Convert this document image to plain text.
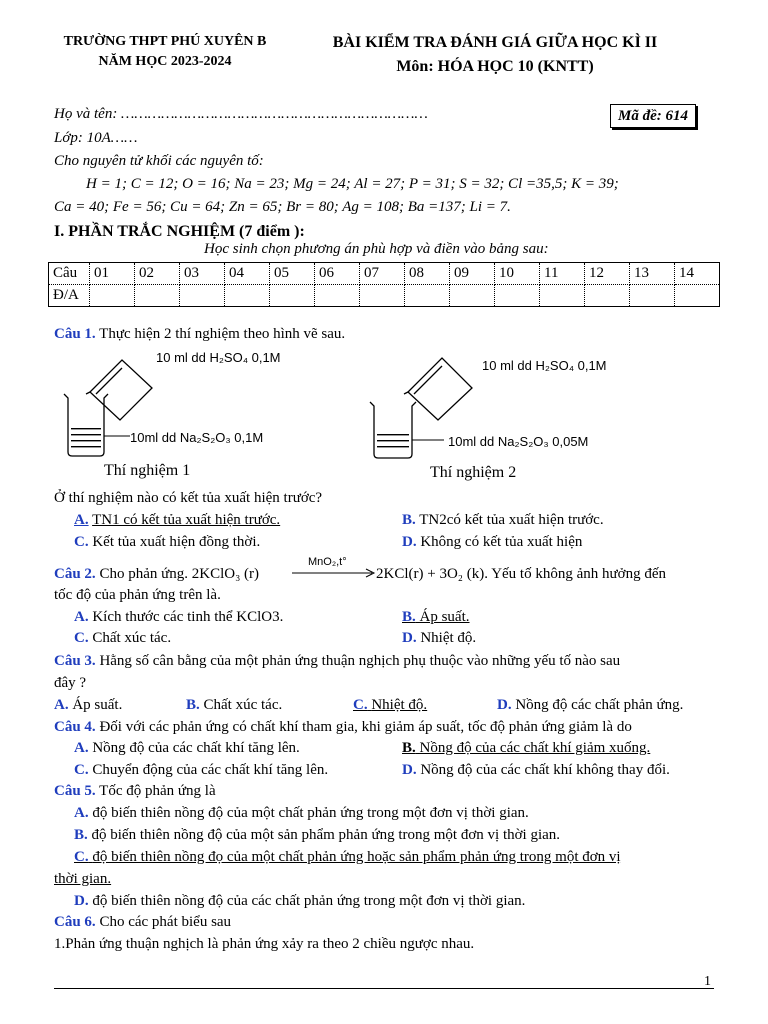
TRƯỜNG THPT PHÚ XUYÊN B
NĂM HỌC 2023-2024
BÀI KIỂM TRA ĐÁNH GIÁ GIỮA HỌC KÌ II
Môn: HÓA HỌC 10 (KNTT)
Họ và tên: ……………………………………………………………	Mã đề: 614
Lớp: 10A……
Cho nguyên tử khối các nguyên tố:
H = 1; C = 12; O = 16; Na = 23; Mg = 24; Al = 27; P = 31; S = 32; Cl =35,5; K = 39;
Ca = 40; Fe = 56; Cu = 64; Zn = 65; Br = 80; Ag = 108; Ba =137; Li = 7.
I. PHẦN TRẮC NGHIỆM (7 điểm ):
Học sinh chọn phương án phù hợp và điền vào bảng sau:
Câu	01	02	03	04	05	06	07	08	09	10	11	12	13	14
Đ/A														
Câu 1. Thực hiện 2 thí nghiệm theo hình vẽ sau.
10 ml dd H₂SO₄ 0,1M
10ml dd Na₂S₂O₃ 0,1M
Thí nghiệm 1
10 ml dd H₂SO₄ 0,1M
10ml dd Na₂S₂O₃ 0,05M
Thí nghiệm 2
Ở thí nghiệm nào có kết tủa xuất hiện trước?
A. TN1 có kết tủa xuất hiện trước.	B. TN2có kết tủa xuất hiện trước.
C. Kết tủa xuất hiện đồng thời.	D. Không có kết tủa xuất hiện
Câu 2. Cho phản ứng. 2KClO₃ (r)
MnO₂,t°
2KCl(r) + 3O₂ (k). Yếu tố không ảnh hưởng đến
tốc độ của phản ứng trên là.
A. Kích thước các tinh thể KClO3.	B. Áp suất.
C. Chất xúc tác.	D. Nhiệt độ.
Câu 3. Hằng số cân bằng của một phản ứng thuận nghịch phụ thuộc vào những yếu tố nào sau
đây ?
A. Áp suất.	B. Chất xúc tác.	C. Nhiệt độ.	D. Nồng độ các chất phản ứng.
Câu 4. Đối với các phản ứng có chất khí tham gia, khi giảm áp suất, tốc độ phản ứng giảm là do
A. Nồng độ của các chất khí tăng lên.	B. Nồng độ của các chất khí giảm xuống.
C. Chuyển động của các chất khí tăng lên.	D. Nồng độ của các chất khí không thay đổi.
Câu 5. Tốc độ phản ứng là
A. độ biến thiên nồng độ của một chất phản ứng trong một đơn vị thời gian.
B. độ biến thiên nồng độ của một sản phẩm phản ứng trong một đơn vị thời gian.
C. độ biến thiên nồng đọ của một chất phản ứng hoặc sản phẩm phản ứng trong một đơn vị
thời gian.
D. độ biến thiên nồng độ của các chất phản ứng trong một đơn vị thời gian.
Câu 6. Cho các phát biểu sau
1.Phản ứng thuận nghịch là phản ứng xảy ra theo 2 chiều ngược nhau.
1
